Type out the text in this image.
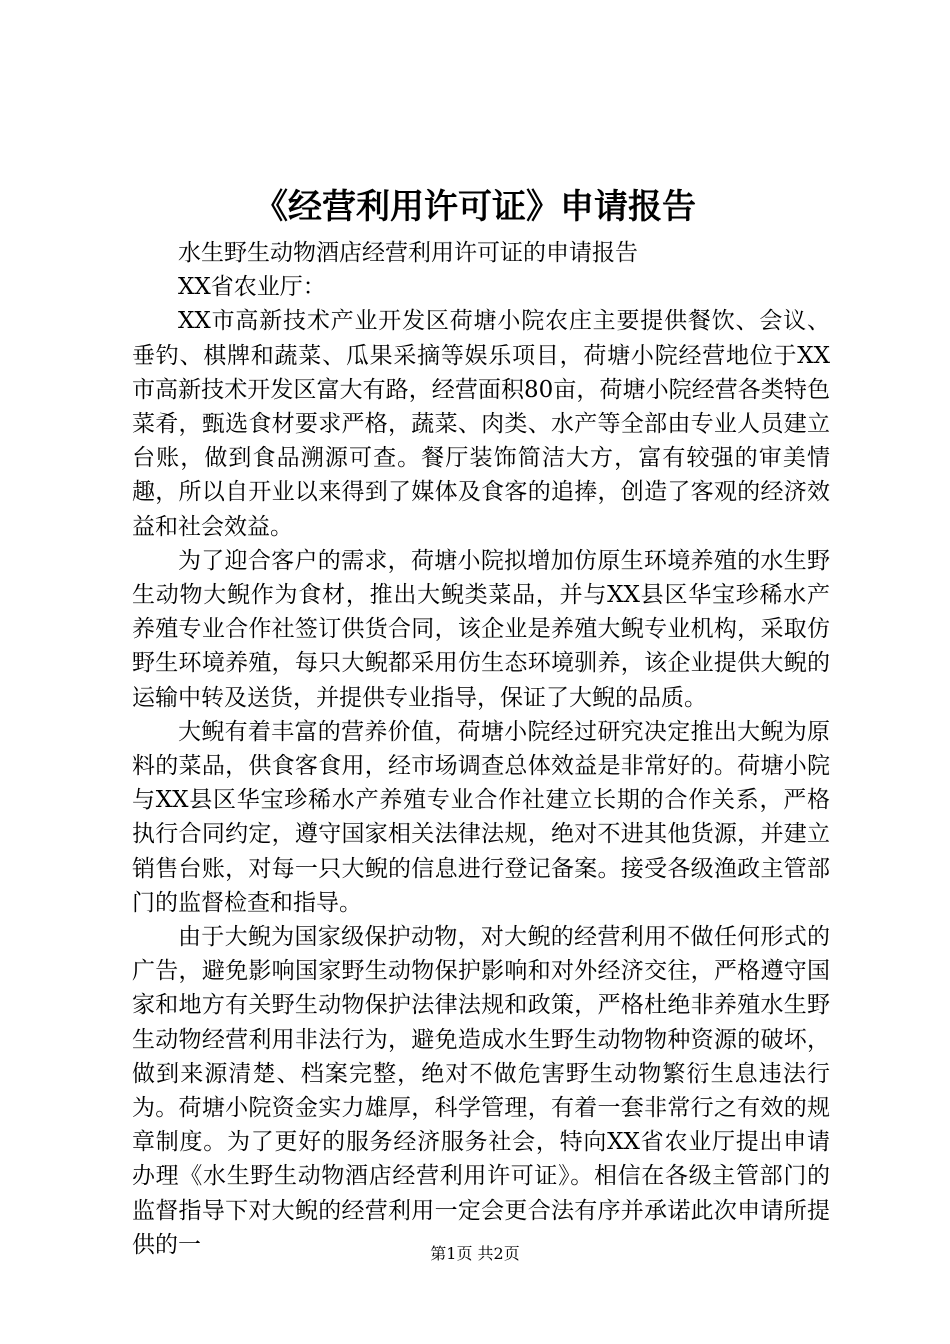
《经营利用许可证》申请报告

水生野生动物酒店经营利用许可证的申请报告

XX省农业厅：

XX市高新技术产业开发区荷塘小院农庄主要提供餐饮、会议、垂钓、棋牌和蔬菜、瓜果采摘等娱乐项目，荷塘小院经营地位于XX市高新技术开发区富大有路，经营面积80亩，荷塘小院经营各类特色菜肴，甄选食材要求严格，蔬菜、肉类、水产等全部由专业人员建立台账，做到食品溯源可查。餐厅装饰简洁大方，富有较强的审美情趣，所以自开业以来得到了媒体及食客的追捧，创造了客观的经济效益和社会效益。

为了迎合客户的需求，荷塘小院拟增加仿原生环境养殖的水生野生动物大鲵作为食材，推出大鲵类菜品，并与XX县区华宝珍稀水产养殖专业合作社签订供货合同，该企业是养殖大鲵专业机构，采取仿野生环境养殖，每只大鲵都采用仿生态环境驯养，该企业提供大鲵的运输中转及送货，并提供专业指导，保证了大鲵的品质。

大鲵有着丰富的营养价值，荷塘小院经过研究决定推出大鲵为原料的菜品，供食客食用，经市场调查总体效益是非常好的。荷塘小院与XX县区华宝珍稀水产养殖专业合作社建立长期的合作关系，严格执行合同约定，遵守国家相关法律法规，绝对不进其他货源，并建立销售台账，对每一只大鲵的信息进行登记备案。接受各级渔政主管部门的监督检查和指导。

由于大鲵为国家级保护动物，对大鲵的经营利用不做任何形式的广告，避免影响国家野生动物保护影响和对外经济交往，严格遵守国家和地方有关野生动物保护法律法规和政策，严格杜绝非养殖水生野生动物经营利用非法行为，避免造成水生野生动物物种资源的破坏，做到来源清楚、档案完整，绝对不做危害野生动物繁衍生息违法行为。荷塘小院资金实力雄厚，科学管理，有着一套非常行之有效的规章制度。为了更好的服务经济服务社会，特向XX省农业厅提出申请办理《水生野生动物酒店经营利用许可证》。相信在各级主管部门的监督指导下对大鲵的经营利用一定会更合法有序并承诺此次申请所提供的一	第1页 共2页
